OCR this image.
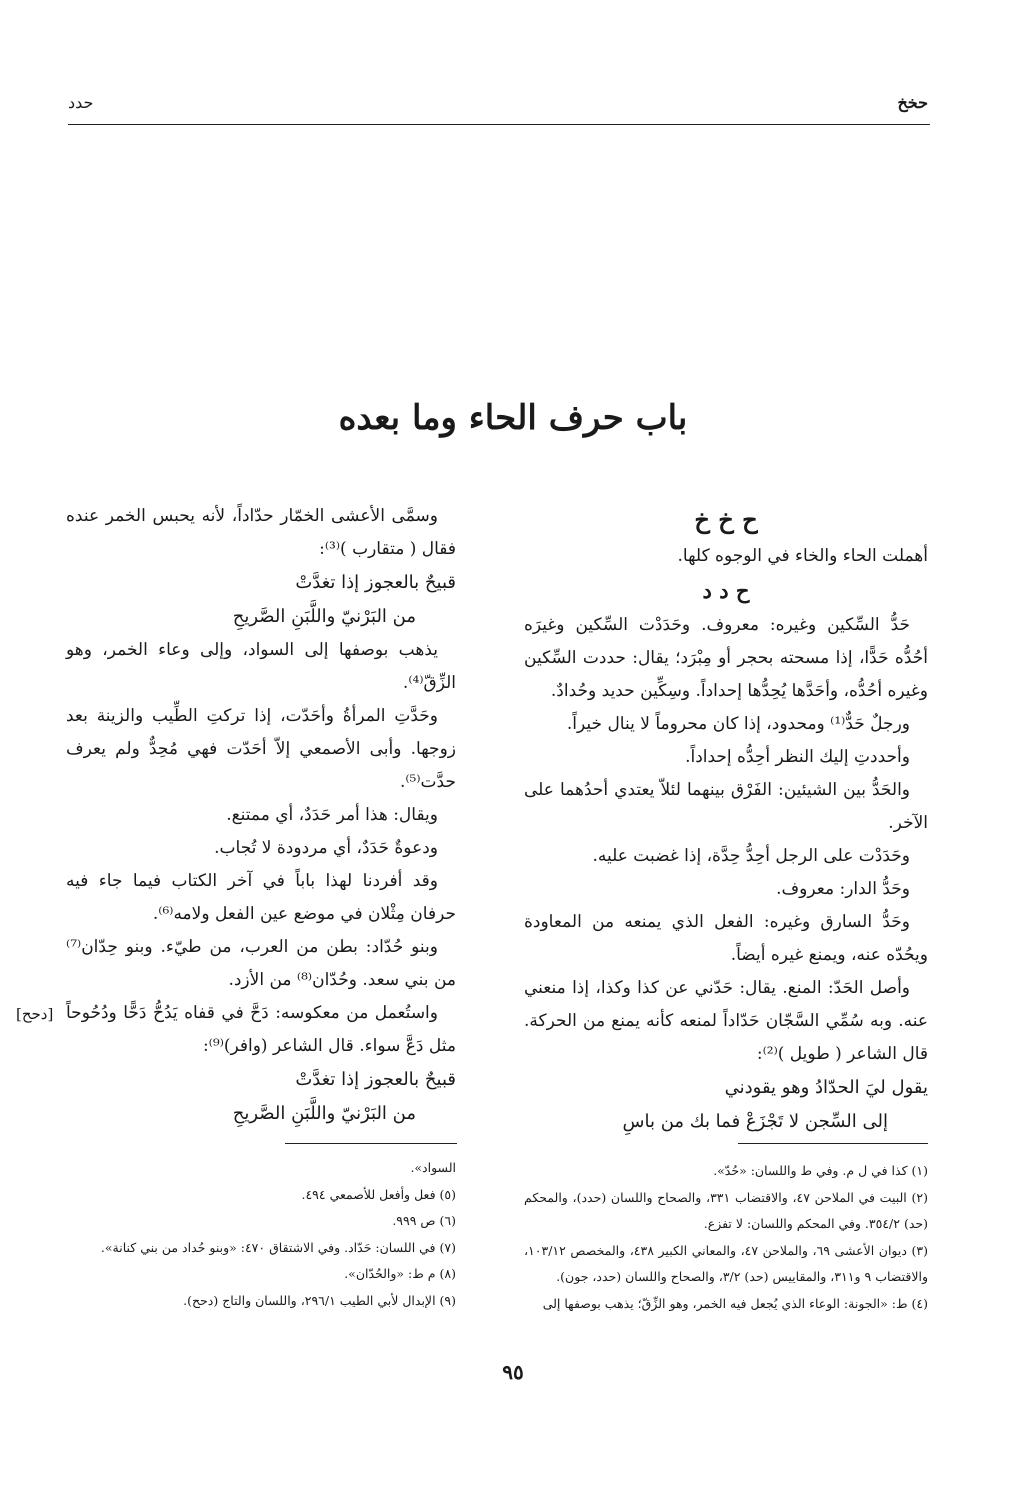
حخخ
حدد
باب حرف الحاء وما بعده
ح خ خ

أهملت الحاء والخاء في الوجوه كلها.

ح د د

حَدُّ السِّكين وغيره: معروف. وحَدَدْت السِّكين وغيرَه أحُدُّه حَدًّا، إذا مسحته بحجر أو مِبْرَد؛ يقال: حددت السِّكين وغيره أحُدُّه، وأحَدَّها يُحِدُّها إحداداً. وسِكِّين حديد وحُدادٌ.

ورجلٌ حَدٌّ⁽¹⁾ ومحدود، إذا كان محروماً لا ينال خيراً.

وأحددتِ إليك النظر أحِدُّه إحداداً.

والحَدُّ بين الشيئين: الفَرْق بينهما لئلاّ يعتدي أحدُهما على الآخر.

وحَدَدْت على الرجل أحِدُّ حِدَّة، إذا غضبت عليه.

وحَدُّ الدار: معروف.

وحَدُّ السارق وغيره: الفعل الذي يمنعه من المعاودة ويحُدّه عنه، ويمنع غيره أيضاً.

وأصل الحَدّ: المنع. يقال: حَدّني عن كذا وكذا، إذا منعني عنه. وبه سُمِّي السَّجّان حَدّاداً لمنعه كأنه يمنع من الحركة. قال الشاعر ( طويل )⁽²⁾:

يقول ليَ الحدّادُ وهو يقودني
إلى السِّجن لا تَجْزَعْ فما بك من باسِ

وسمَّى الأعشى الخمّار حدّاداً، لأنه يحبس الخمر عنده فقال ( متقارب )⁽³⁾:

قبيحٌ بالعجوز إذا تغدَّتْ
من البَرْنيّ واللَّبَنِ الصَّريحِ

يذهب بوصفها إلى السواد، وإلى وعاء الخمر، وهو الزِّقّ⁽⁴⁾.

وحَدَّتِ المرأةُ وأحَدّت، إذا تركتِ الطِّيب والزينة بعد زوجها. وأبى الأصمعي إلاّ أحَدّت فهي مُحِدٌّ ولم يعرف حدَّت⁽⁵⁾.

ويقال: هذا أمر حَدَدٌ، أي ممتنع.

ودعوةٌ حَدَدٌ، أي مردودة لا تُجاب.

وقد أفردنا لهذا باباً في آخر الكتاب فيما جاء فيه حرفان مِثْلان في موضع عين الفعل ولامه⁽⁶⁾.

وبنو حُدّاد: بطن من العرب، من طيّء. وبنو حِدّان⁽⁷⁾ من بني سعد. وحُدّان⁽⁸⁾ من الأزد.

واستُعمل من معكوسه: دَحَّ في قفاه يَدُحُّ دَحًّا ودُحُوحاً مثل دَعَّ سواء. قال الشاعر (وافر)⁽⁹⁾:

قبيحٌ بالعجوز إذا تغدَّتْ
من البَرْنيّ واللَّبَنِ الصَّريحِ
[دحح]

(١) كذا في ل م. وفي ط واللسان: «حُدّ».

(٢) البيت في الملاحن ٤٧، والاقتضاب ٣٣١، والصحاح واللسان (حدد)، والمحكم (حد) ٣٥٤/٢. وفي المحكم واللسان: لا تفزع.

(٣) ديوان الأعشى ٦٩، والملاحن ٤٧، والمعاني الكبير ٤٣٨، والمخصص ١٠٣/١٢، والاقتضاب ٩ و٣١١، والمقاييس (حد) ٣/٢، والصحاح واللسان (حدد، جون).

(٤) ط: «الجونة: الوعاء الذي يُجعل فيه الخمر، وهو الزِّقّ؛ يذهب بوصفها إلى

السواد».

(٥) فعل وأفعل للأصمعي ٤٩٤.

(٦) ص ٩٩٩.

(٧) في اللسان: حَدّاد. وفي الاشتقاق ٤٧٠: «وبنو حُداد من بني كنانة».

(٨) م ط: «والحُدّان».

(٩) الإبدال لأبي الطيب ٢٩٦/١، واللسان والتاج (دحح).

٩٥
